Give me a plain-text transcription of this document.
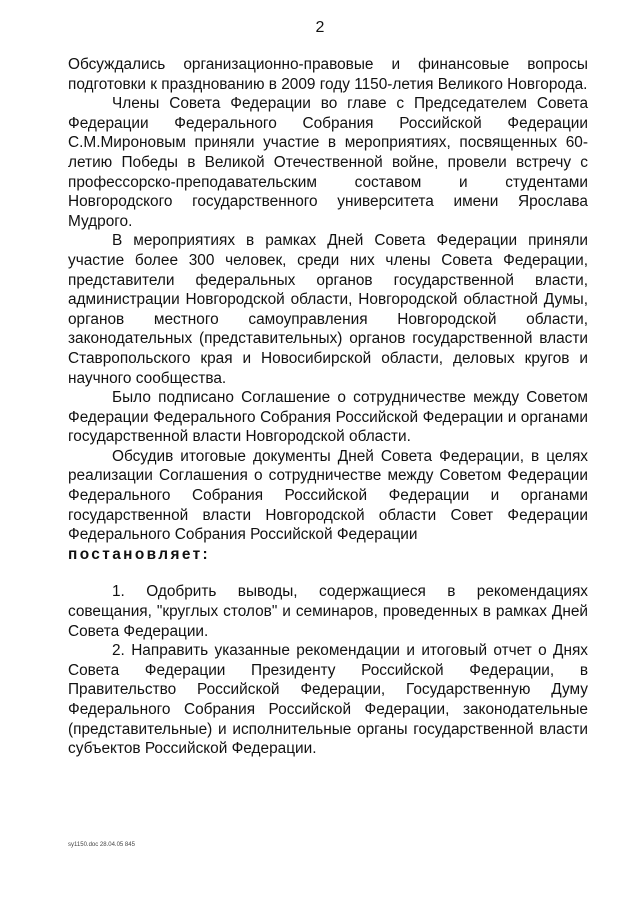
2

Обсуждались организационно-правовые и финансовые вопросы подготовки к празднованию в 2009 году 1150-летия Великого Новгорода.

Члены Совета Федерации во главе с Председателем Совета Федерации Федерального Собрания Российской Федерации С.М.Мироновым приняли участие в мероприятиях, посвященных 60-летию Победы в Великой Отечественной войне, провели встречу с профессорско-преподавательским составом и студентами Новгородского государственного университета имени Ярослава Мудрого.

В мероприятиях в рамках Дней Совета Федерации приняли участие более 300 человек, среди них члены Совета Федерации, представители федеральных органов государственной власти, администрации Новгородской области, Новгородской областной Думы, органов местного самоуправления Новгородской области, законодательных (представительных) органов государственной власти Ставропольского края и Новосибирской области, деловых кругов и научного сообщества.

Было подписано Соглашение о сотрудничестве между Советом Федерации Федерального Собрания Российской Федерации и органами государственной власти Новгородской области.

Обсудив итоговые документы Дней Совета Федерации, в целях реализации Соглашения о сотрудничестве между Советом Федерации Федерального Собрания Российской Федерации и органами государственной власти Новгородской области Совет Федерации Федерального Собрания Российской Федерации

постановляет:

1. Одобрить выводы, содержащиеся в рекомендациях совещания, "круглых столов" и семинаров, проведенных в рамках Дней Совета Федерации.

2. Направить указанные рекомендации и итоговый отчет о Днях Совета Федерации Президенту Российской Федерации, в Правительство Российской Федерации, Государственную Думу Федерального Собрания Российской Федерации, законодательные (представительные) и исполнительные органы государственной власти субъектов Российской Федерации.

sy1150.doc 28.04.05 845
